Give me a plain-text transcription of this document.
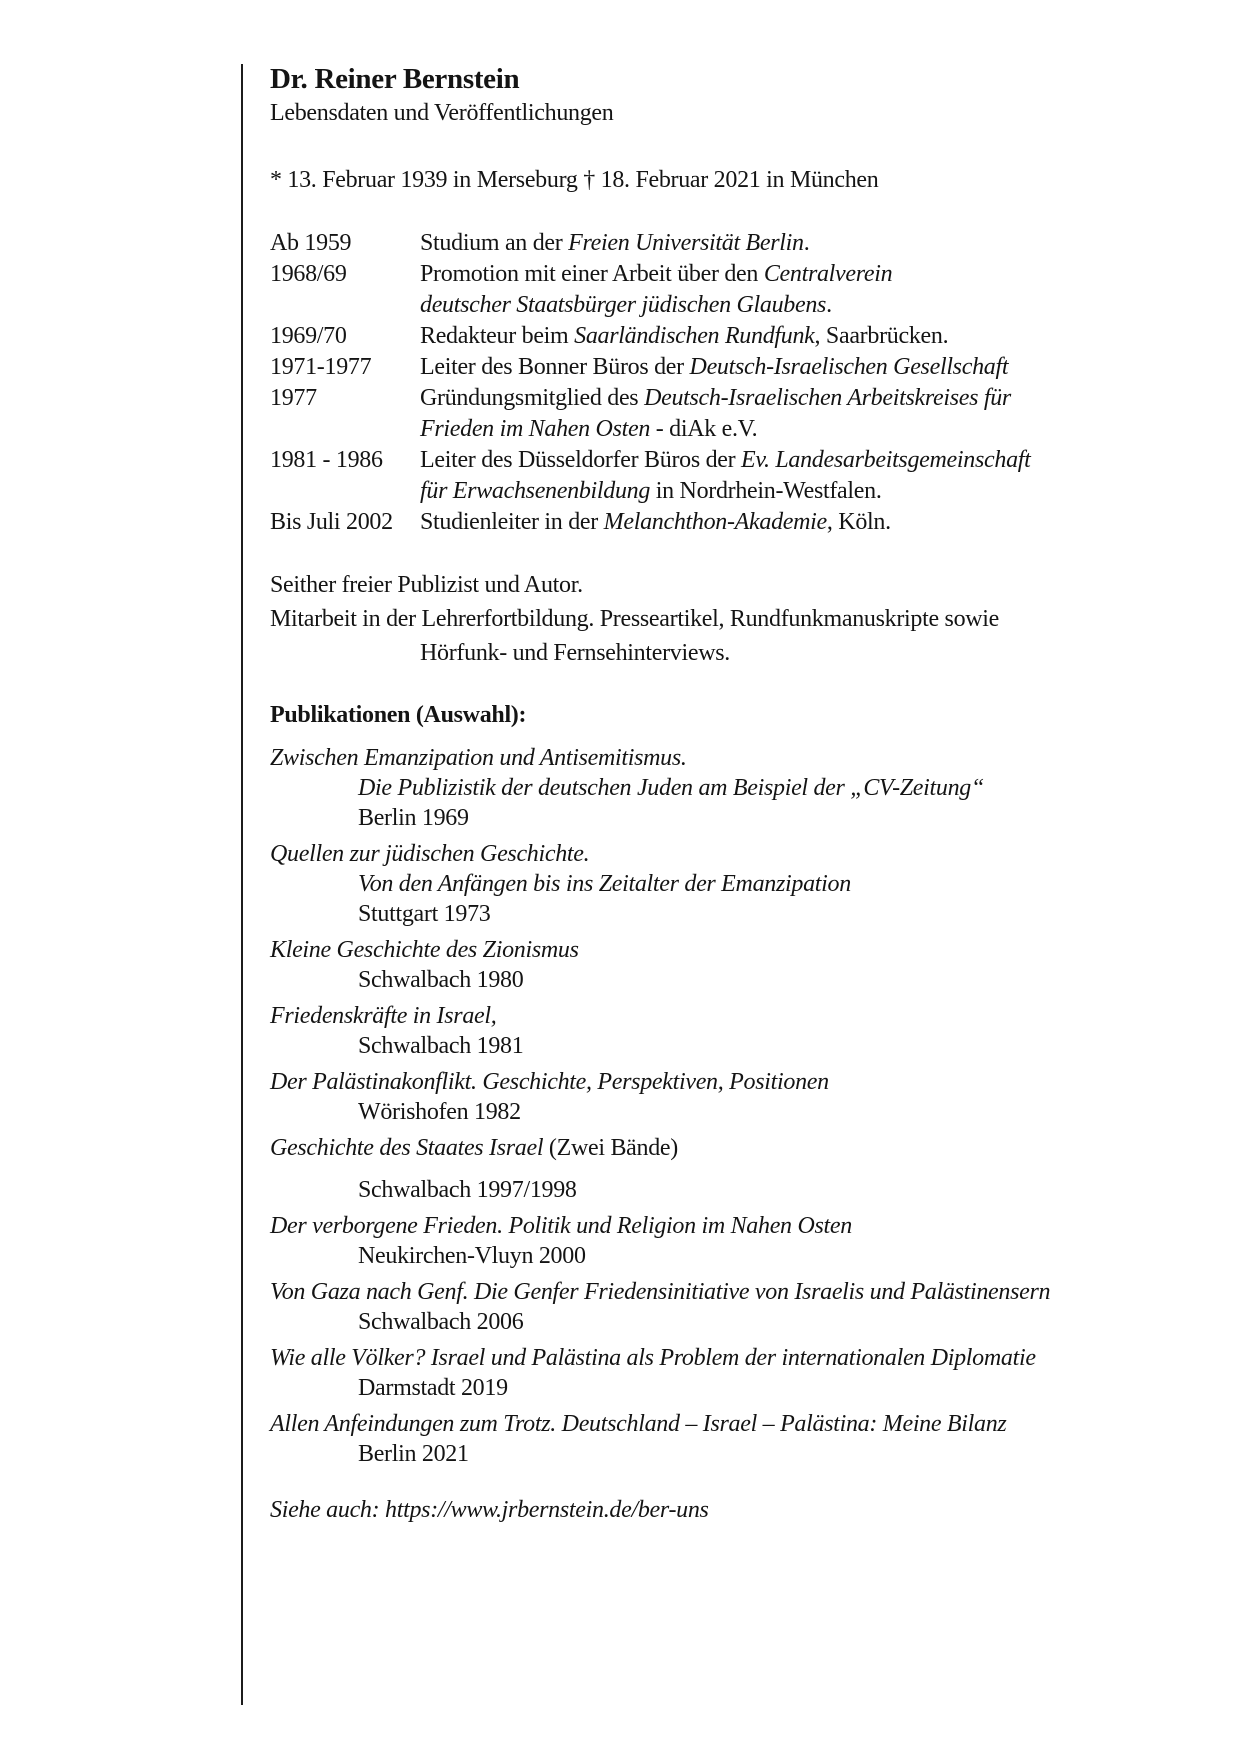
Dr. Reiner Bernstein
Lebensdaten und Veröffentlichungen
* 13. Februar 1939 in Merseburg † 18. Februar 2021 in München
Ab 1959	Studium an der Freien Universität Berlin.
1968/69	Promotion mit einer Arbeit über den Centralverein
deutscher Staatsbürger jüdischen Glaubens.
1969/70	Redakteur beim Saarländischen Rundfunk, Saarbrücken.
1971-1977	Leiter des Bonner Büros der Deutsch-Israelischen Gesellschaft
1977	Gründungsmitglied des Deutsch-Israelischen Arbeitskreises für
Frieden im Nahen Osten - diAk e.V.
1981 - 1986	Leiter des Düsseldorfer Büros der Ev. Landesarbeitsgemeinschaft
für Erwachsenenbildung in Nordrhein-Westfalen.
Bis Juli 2002	Studienleiter in der Melanchthon-Akademie, Köln.
Seither freier Publizist und Autor.
Mitarbeit in der Lehrerfortbildung. Presseartikel, Rundfunkmanuskripte sowie
Hörfunk- und Fernsehinterviews.
Publikationen (Auswahl):
Zwischen Emanzipation und Antisemitismus.
Die Publizistik der deutschen Juden am Beispiel der „CV-Zeitung“
Berlin 1969
Quellen zur jüdischen Geschichte.
Von den Anfängen bis ins Zeitalter der Emanzipation
Stuttgart 1973
Kleine Geschichte des Zionismus
Schwalbach 1980
Friedenskräfte in Israel,
Schwalbach 1981
Der Palästinakonflikt. Geschichte, Perspektiven, Positionen
Wörishofen 1982
Geschichte des Staates Israel (Zwei Bände)
Schwalbach 1997/1998
Der verborgene Frieden. Politik und Religion im Nahen Osten
Neukirchen-Vluyn 2000
Von Gaza nach Genf. Die Genfer Friedensinitiative von Israelis und Palästinensern
Schwalbach 2006
Wie alle Völker? Israel und Palästina als Problem der internationalen Diplomatie
Darmstadt 2019
Allen Anfeindungen zum Trotz. Deutschland – Israel – Palästina: Meine Bilanz
Berlin 2021
Siehe auch: https://www.jrbernstein.de/ber-uns
